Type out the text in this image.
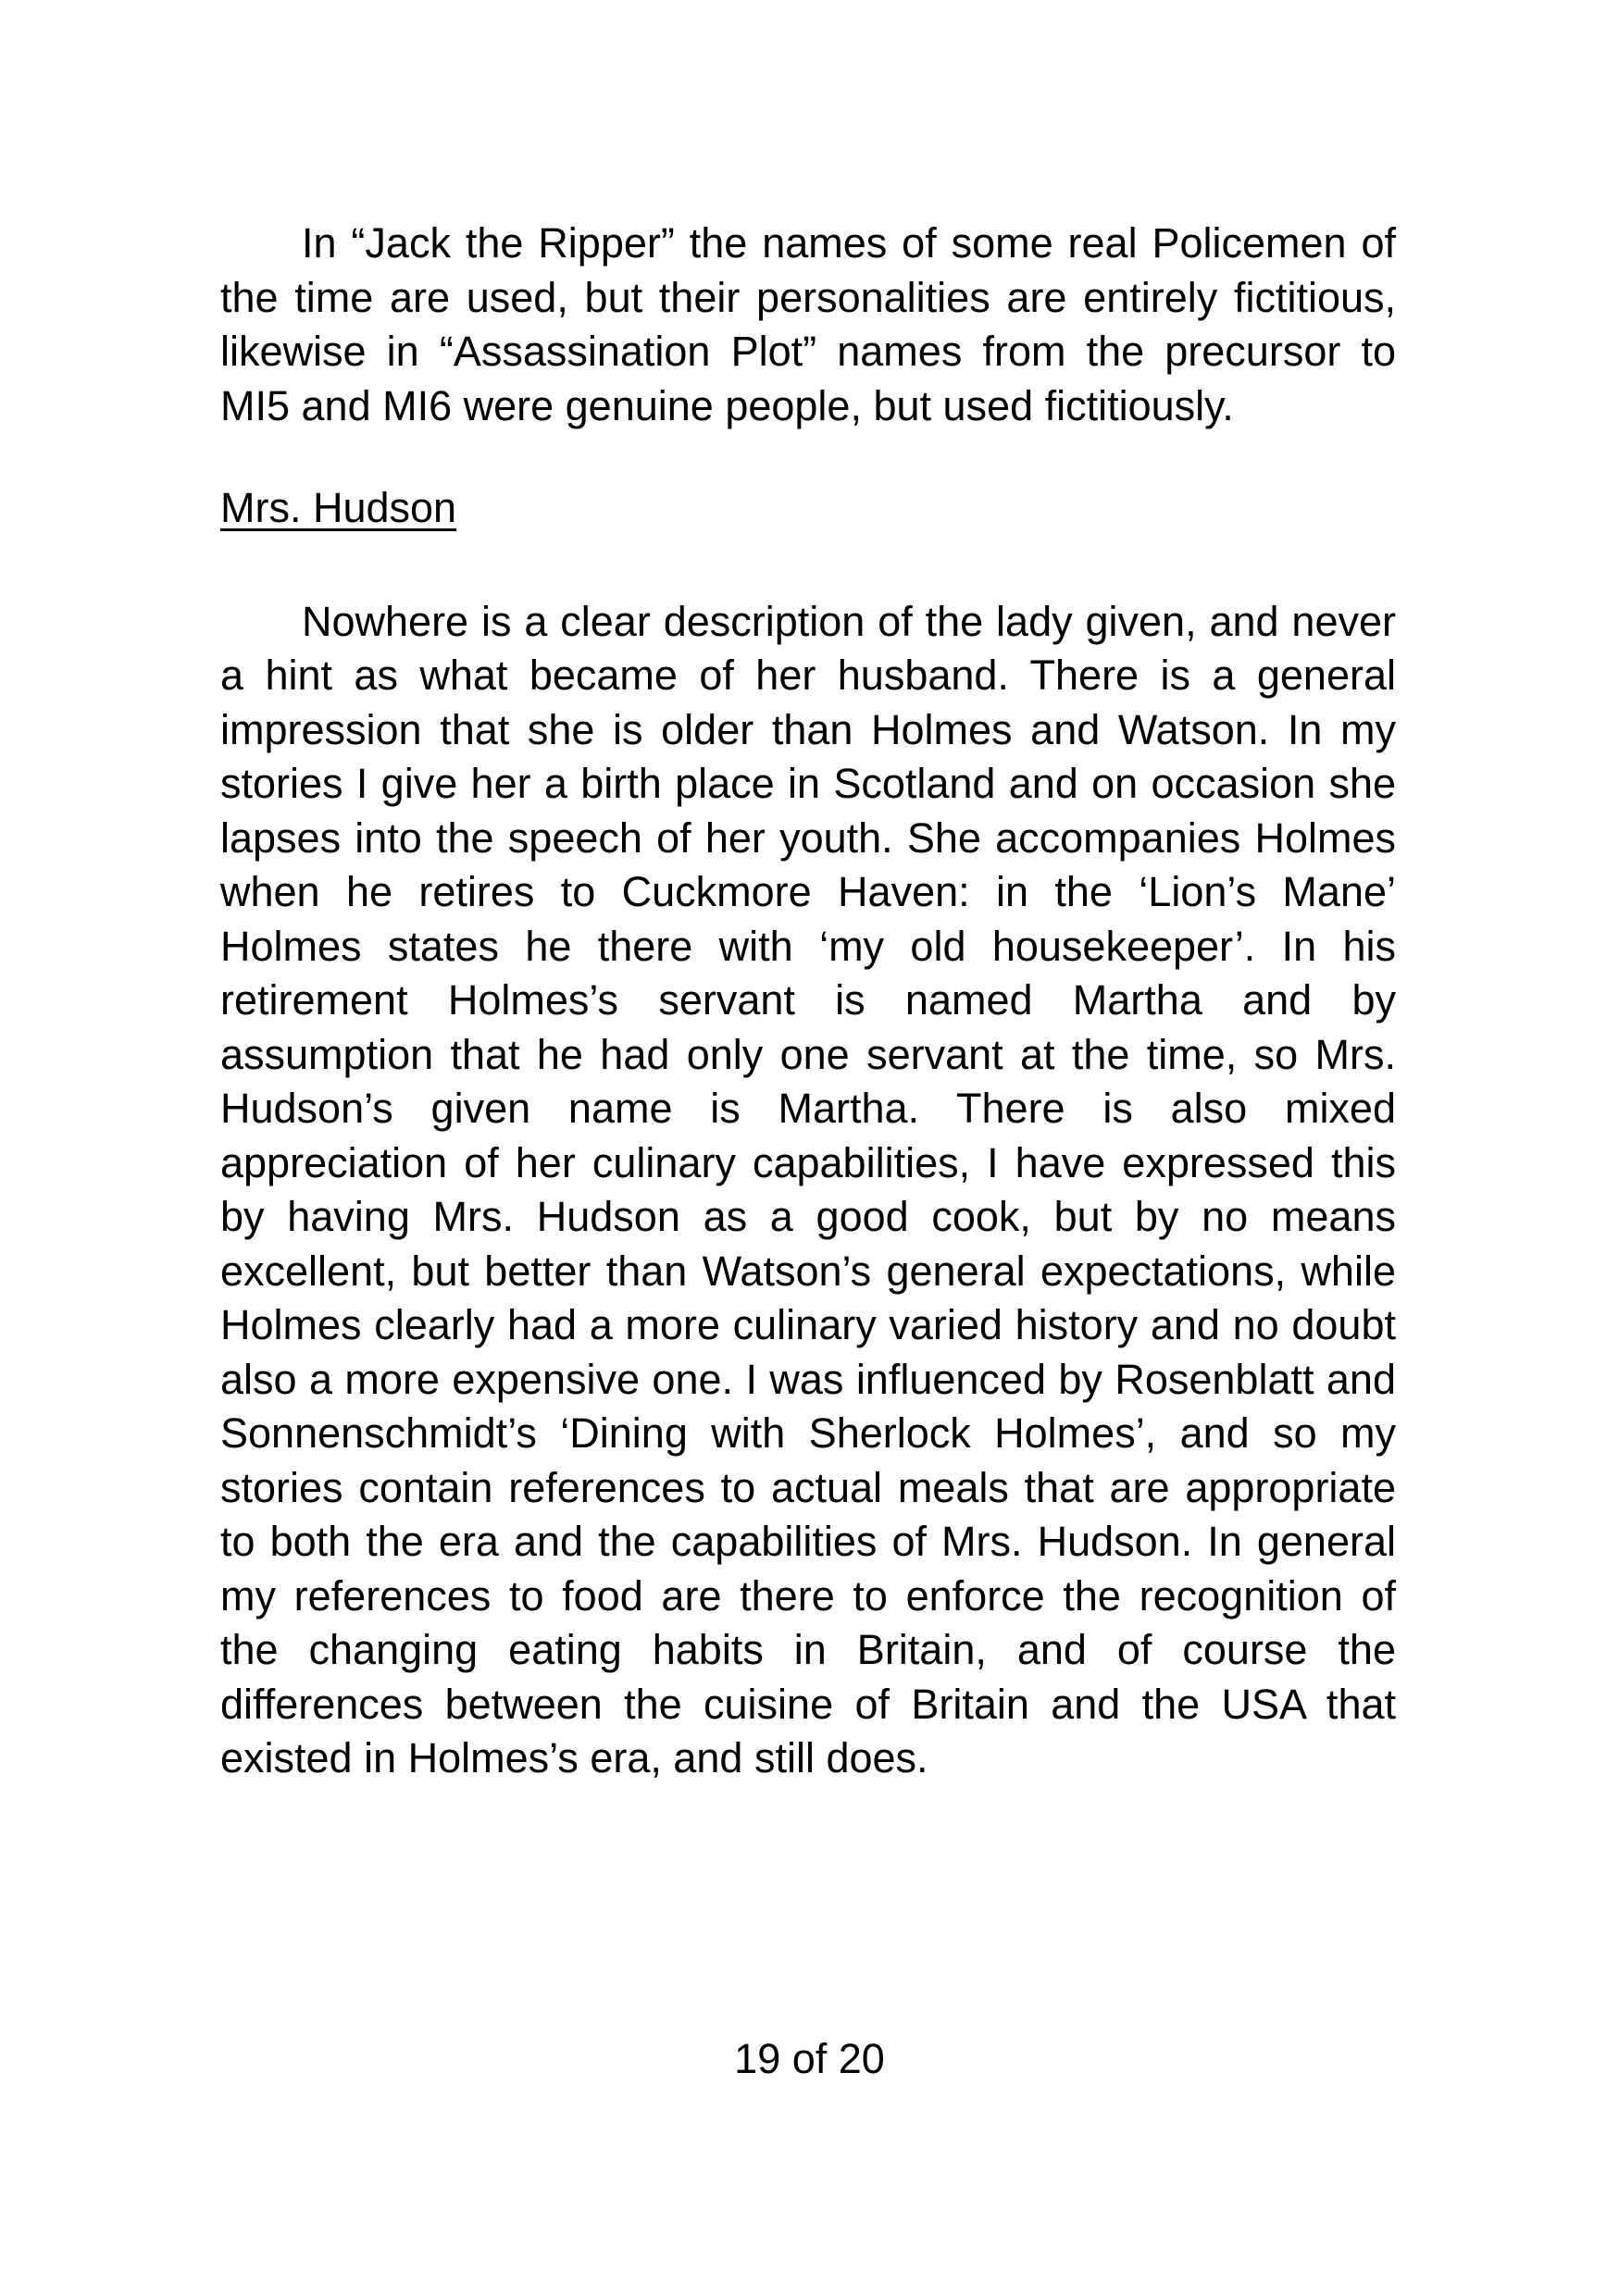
In “Jack the Ripper” the names of some real Policemen of the time are used, but their personalities are entirely fictitious, likewise in “Assassination Plot” names from the precursor to MI5 and MI6 were genuine people, but used fictitiously.

Mrs. Hudson

Nowhere is a clear description of the lady given, and never a hint as what became of her husband. There is a general impression that she is older than Holmes and Watson. In my stories I give her a birth place in Scotland and on occasion she lapses into the speech of her youth. She accompanies Holmes when he retires to Cuckmore Haven: in the ‘Lion’s Mane’ Holmes states he there with ‘my old housekeeper’. In his retirement Holmes’s servant is named Martha and by assumption that he had only one servant at the time, so Mrs. Hudson’s given name is Martha. There is also mixed appreciation of her culinary capabilities, I have expressed this by having Mrs. Hudson as a good cook, but by no means excellent, but better than Watson’s general expectations, while Holmes clearly had a more culinary varied history and no doubt also a more expensive one. I was influenced by Rosenblatt and Sonnenschmidt’s ‘Dining with Sherlock Holmes’, and so my stories contain references to actual meals that are appropriate to both the era and the capabilities of Mrs. Hudson. In general my references to food are there to enforce the recognition of the changing eating habits in Britain, and of course the differences between the cuisine of Britain and the USA that existed in Holmes’s era, and still does.

19 of 20
